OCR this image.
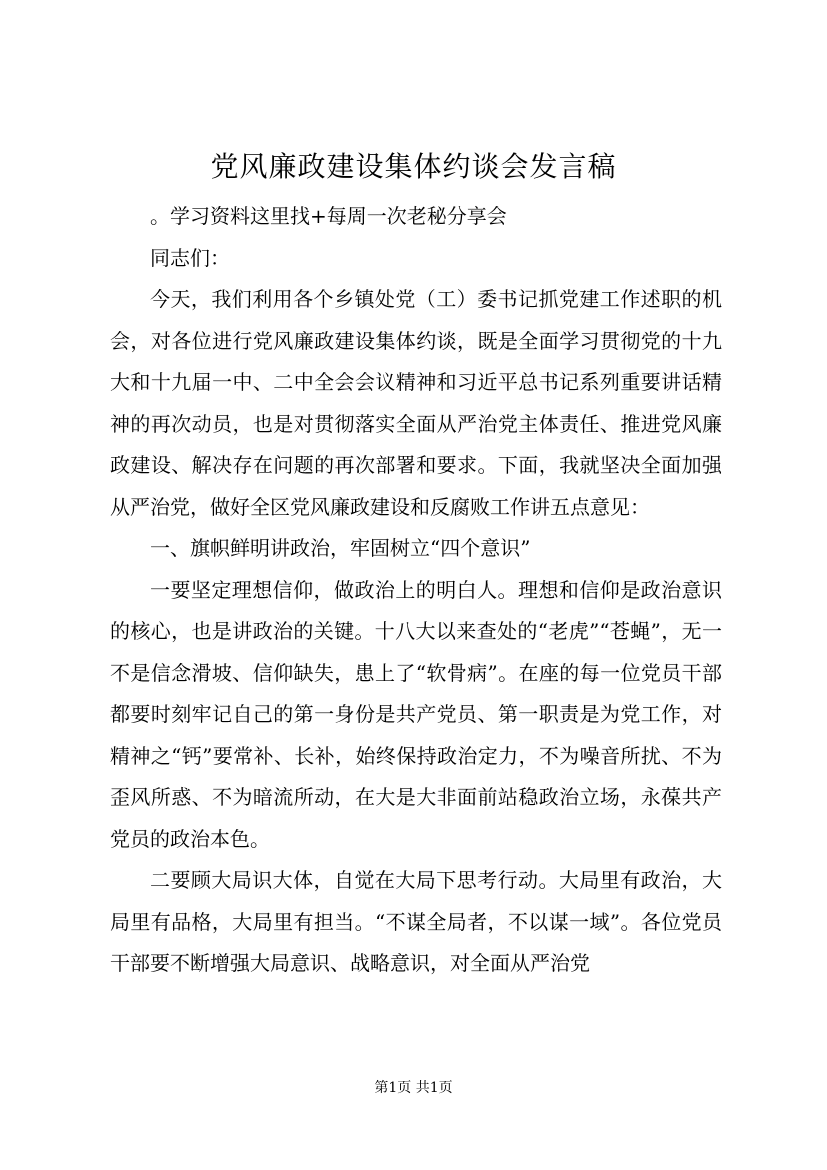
党风廉政建设集体约谈会发言稿

。学习资料这里找+每周一次老秘分享会

同志们：

今天，我们利用各个乡镇处党（工）委书记抓党建工作述职的机会，对各位进行党风廉政建设集体约谈，既是全面学习贯彻党的十九大和十九届一中、二中全会会议精神和习近平总书记系列重要讲话精神的再次动员，也是对贯彻落实全面从严治党主体责任、推进党风廉政建设、解决存在问题的再次部署和要求。下面，我就坚决全面加强从严治党，做好全区党风廉政建设和反腐败工作讲五点意见：

一、旗帜鲜明讲政治，牢固树立“四个意识”

一要坚定理想信仰，做政治上的明白人。理想和信仰是政治意识的核心，也是讲政治的关键。十八大以来查处的“老虎”“苍蝇”，无一不是信念滑坡、信仰缺失，患上了“软骨病”。在座的每一位党员干部都要时刻牢记自己的第一身份是共产党员、第一职责是为党工作，对精神之“钙”要常补、长补，始终保持政治定力，不为噪音所扰、不为歪风所惑、不为暗流所动，在大是大非面前站稳政治立场，永葆共产党员的政治本色。

二要顾大局识大体，自觉在大局下思考行动。大局里有政治，大局里有品格，大局里有担当。“不谋全局者，不以谋一域”。各位党员干部要不断增强大局意识、战略意识，对全面从严治党

第1页 共1页
